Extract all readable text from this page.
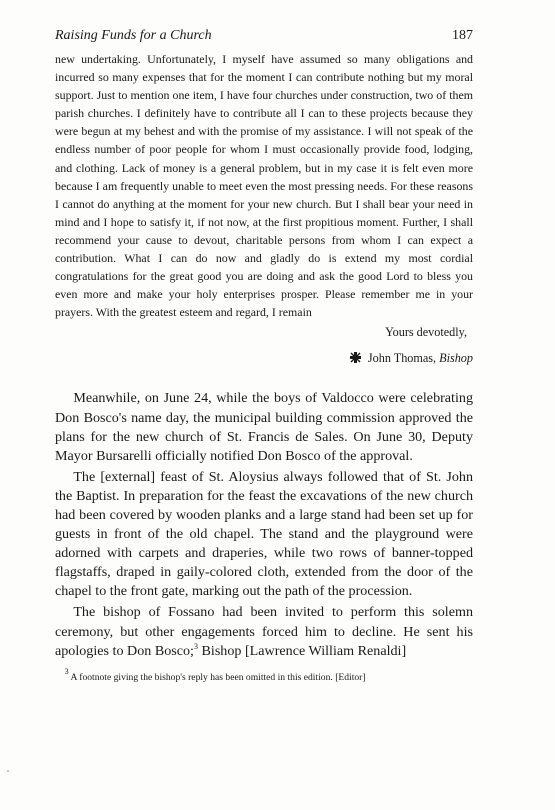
Raising Funds for a Church	187

new undertaking. Unfortunately, I myself have assumed so many obligations and incurred so many expenses that for the moment I can contribute nothing but my moral support. Just to mention one item, I have four churches under construction, two of them parish churches. I definitely have to contribute all I can to these projects because they were begun at my behest and with the promise of my assistance. I will not speak of the endless number of poor people for whom I must occasionally provide food, lodging, and clothing. Lack of money is a general problem, but in my case it is felt even more because I am frequently unable to meet even the most pressing needs. For these reasons I cannot do anything at the moment for your new church. But I shall bear your need in mind and I hope to satisfy it, if not now, at the first propitious moment. Further, I shall recommend your cause to devout, charitable persons from whom I can expect a contribution. What I can do now and gladly do is extend my most cordial congratulations for the great good you are doing and ask the good Lord to bless you even more and make your holy enterprises prosper. Please remember me in your prayers. With the greatest esteem and regard, I remain

Yours devotedly,
John Thomas, Bishop

Meanwhile, on June 24, while the boys of Valdocco were celebrating Don Bosco's name day, the municipal building commission approved the plans for the new church of St. Francis de Sales. On June 30, Deputy Mayor Bursarelli officially notified Don Bosco of the approval.

The [external] feast of St. Aloysius always followed that of St. John the Baptist. In preparation for the feast the excavations of the new church had been covered by wooden planks and a large stand had been set up for guests in front of the old chapel. The stand and the playground were adorned with carpets and draperies, while two rows of banner-topped flagstaffs, draped in gaily-colored cloth, extended from the door of the chapel to the front gate, marking out the path of the procession.

The bishop of Fossano had been invited to perform this solemn ceremony, but other engagements forced him to decline. He sent his apologies to Don Bosco;$^3$ Bishop [Lawrence William Renaldi]

$^3$ A footnote giving the bishop's reply has been omitted in this edition. [Editor]
